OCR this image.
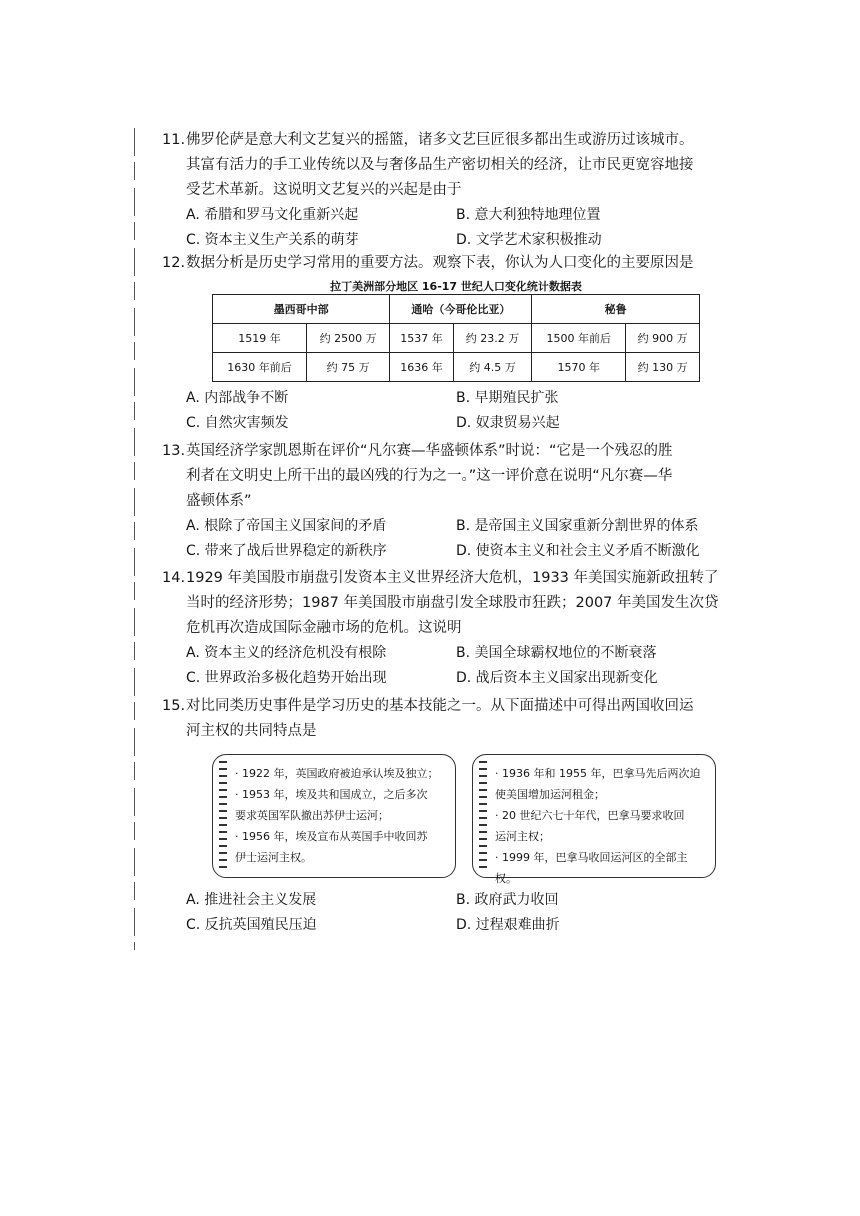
11. 佛罗伦萨是意大利文艺复兴的摇篮，诸多文艺巨匠很多都出生或游历过该城市。
其富有活力的手工业传统以及与奢侈品生产密切相关的经济，让市民更宽容地接
受艺术革新。这说明文艺复兴的兴起是由于
A. 希腊和罗马文化重新兴起	B. 意大利独特地理位置
C. 资本主义生产关系的萌芽	D. 文学艺术家积极推动
12. 数据分析是历史学习常用的重要方法。观察下表，你认为人口变化的主要原因是
拉丁美洲部分地区 16-17 世纪人口变化统计数据表
墨西哥中部		通哈（今哥伦比亚）		秘鲁	
1519 年	约 2500 万	1537 年	约 23.2 万	1500 年前后	约 900 万
1630 年前后	约 75 万	1636 年	约 4.5 万	1570 年	约 130 万
A. 内部战争不断	B. 早期殖民扩张
C. 自然灾害频发	D. 奴隶贸易兴起
13. 英国经济学家凯恩斯在评价“凡尔赛—华盛顿体系”时说：“它是一个残忍的胜
利者在文明史上所干出的最凶残的行为之一。”这一评价意在说明“凡尔赛—华
盛顿体系”
A. 根除了帝国主义国家间的矛盾	B. 是帝国主义国家重新分割世界的体系
C. 带来了战后世界稳定的新秩序	D. 使资本主义和社会主义矛盾不断激化
14. 1929 年美国股市崩盘引发资本主义世界经济大危机，1933 年美国实施新政扭转了
当时的经济形势；1987 年美国股市崩盘引发全球股市狂跌；2007 年美国发生次贷
危机再次造成国际金融市场的危机。这说明
A. 资本主义的经济危机没有根除	B. 美国全球霸权地位的不断衰落
C. 世界政治多极化趋势开始出现	D. 战后资本主义国家出现新变化
15. 对比同类历史事件是学习历史的基本技能之一。从下面描述中可得出两国收回运
河主权的共同特点是

· 1922 年，英国政府被迫承认埃及独立；

· 1953 年，埃及共和国成立，之后多次

要求英国军队撤出苏伊士运河；

· 1956 年，埃及宣布从英国手中收回苏

伊士运河主权。

· 1936 年和 1955 年，巴拿马先后两次迫

使美国增加运河租金；

· 20 世纪六七十年代，巴拿马要求收回

运河主权；

· 1999 年，巴拿马收回运河区的全部主权。

A. 推进社会主义发展	B. 政府武力收回
C. 反抗英国殖民压迫	D. 过程艰难曲折
